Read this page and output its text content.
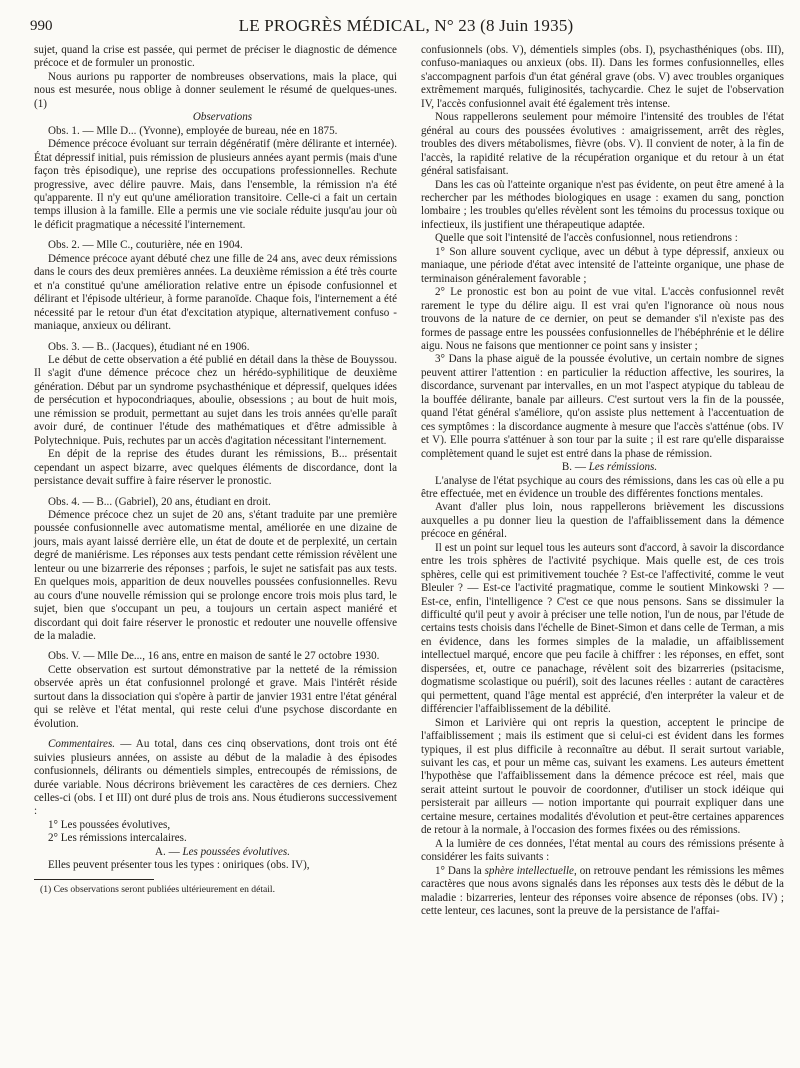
990	LE PROGRÈS MÉDICAL, N° 23 (8 Juin 1935)

sujet, quand la crise est passée, qui permet de préciser le diagnostic de démence précoce et de formuler un pronostic.

Nous aurions pu rapporter de nombreuses observations, mais la place, qui nous est mesurée, nous oblige à donner seulement le résumé de quelques-unes. (1)

Observations

Obs. 1. — Mlle D... (Yvonne), employée de bureau, née en 1875.

Démence précoce évoluant sur terrain dégénératif (mère délirante et internée). État dépressif initial, puis rémission de plusieurs années ayant permis (mais d'une façon très épisodique), une reprise des occupations professionnelles. Rechute progressive, avec délire pauvre. Mais, dans l'ensemble, la rémission n'a été qu'apparente. Il n'y eut qu'une amélioration transitoire. Celle-ci a fait un certain temps illusion à la famille. Elle a permis une vie sociale réduite jusqu'au jour où le déficit pragmatique a nécessité l'internement.

Obs. 2. — Mlle C., couturière, née en 1904.

Démence précoce ayant débuté chez une fille de 24 ans, avec deux rémissions dans le cours des deux premières années. La deuxième rémission a été très courte et n'a constitué qu'une amélioration relative entre un épisode confusionnel et délirant et l'épisode ultérieur, à forme paranoïde. Chaque fois, l'internement a été nécessité par le retour d'un état d'excitation atypique, alternativement confuso - maniaque, anxieux ou délirant.

Obs. 3. — B.. (Jacques), étudiant né en 1906.

Le début de cette observation a été publié en détail dans la thèse de Bouyssou. Il s'agit d'une démence précoce chez un hérédo-syphilitique de deuxième génération. Début par un syndrome psychasthénique et dépressif, quelques idées de persécution et hypocondriaques, aboulie, obsessions ; au bout de huit mois, une rémission se produit, permettant au sujet dans les trois années qu'elle paraît avoir duré, de continuer l'étude des mathématiques et d'être admissible à Polytechnique. Puis, rechutes par un accès d'agitation nécessitant l'internement.

En dépit de la reprise des études durant les rémissions, B... présentait cependant un aspect bizarre, avec quelques éléments de discordance, dont la persistance devait suffire à faire réserver le pronostic.

Obs. 4. — B... (Gabriel), 20 ans, étudiant en droit.

Démence précoce chez un sujet de 20 ans, s'étant traduite par une première poussée confusionnelle avec automatisme mental, améliorée en une dizaine de jours, mais ayant laissé derrière elle, un état de doute et de perplexité, un certain degré de maniérisme. Les réponses aux tests pendant cette rémission révèlent une lenteur ou une bizarrerie des réponses ; parfois, le sujet ne satisfait pas aux tests. En quelques mois, apparition de deux nouvelles poussées confusionnelles. Revu au cours d'une nouvelle rémission qui se prolonge encore trois mois plus tard, le sujet, bien que s'occupant un peu, a toujours un certain aspect maniéré et discordant qui doit faire réserver le pronostic et redouter une nouvelle offensive de la maladie.

Obs. V. — Mlle De..., 16 ans, entre en maison de santé le 27 octobre 1930.

Cette observation est surtout démonstrative par la netteté de la rémission observée après un état confusionnel prolongé et grave. Mais l'intérêt réside surtout dans la dissociation qui s'opère à partir de janvier 1931 entre l'état général qui se relève et l'état mental, qui reste celui d'une psychose discordante en évolution.

Commentaires. — Au total, dans ces cinq observations, dont trois ont été suivies plusieurs années, on assiste au début de la maladie à des épisodes confusionnels, délirants ou démentiels simples, entrecoupés de rémissions, de durée variable. Nous décrirons brièvement les caractères de ces derniers. Chez celles-ci (obs. I et III) ont duré plus de trois ans. Nous étudierons successivement :

1° Les poussées évolutives,

2° Les rémissions intercalaires.

A. — Les poussées évolutives.

Elles peuvent présenter tous les types : oniriques (obs. IV),

(1) Ces observations seront publiées ultérieurement en détail.

confusionnels (obs. V), démentiels simples (obs. I), psychasthéniques (obs. III), confuso-maniaques ou anxieux (obs. II). Dans les formes confusionnelles, elles s'accompagnent parfois d'un état général grave (obs. V) avec troubles organiques extrêmement marqués, fuliginosités, tachycardie. Chez le sujet de l'observation IV, l'accès confusionnel avait été également très intense.

Nous rappellerons seulement pour mémoire l'intensité des troubles de l'état général au cours des poussées évolutives : amaigrissement, arrêt des règles, troubles des divers métabolismes, fièvre (obs. V). Il convient de noter, à la fin de l'accès, la rapidité relative de la récupération organique et du retour à un état général satisfaisant.

Dans les cas où l'atteinte organique n'est pas évidente, on peut être amené à la rechercher par les méthodes biologiques en usage : examen du sang, ponction lombaire ; les troubles qu'elles révèlent sont les témoins du processus toxique ou infectieux, ils justifient une thérapeutique adaptée.

Quelle que soit l'intensité de l'accès confusionnel, nous retiendrons :

1° Son allure souvent cyclique, avec un début à type dépressif, anxieux ou maniaque, une période d'état avec intensité de l'atteinte organique, une phase de terminaison généralement favorable ;

2° Le pronostic est bon au point de vue vital. L'accès confusionnel revêt rarement le type du délire aigu. Il est vrai qu'en l'ignorance où nous nous trouvons de la nature de ce dernier, on peut se demander s'il n'existe pas des formes de passage entre les poussées confusionnelles de l'hébéphrénie et le délire aigu. Nous ne faisons que mentionner ce point sans y insister ;

3° Dans la phase aiguë de la poussée évolutive, un certain nombre de signes peuvent attirer l'attention : en particulier la réduction affective, les sourires, la discordance, survenant par intervalles, en un mot l'aspect atypique du tableau de la bouffée délirante, banale par ailleurs. C'est surtout vers la fin de la poussée, quand l'état général s'améliore, qu'on assiste plus nettement à l'accentuation de ces symptômes : la discordance augmente à mesure que l'accès s'atténue (obs. IV et V). Elle pourra s'atténuer à son tour par la suite ; il est rare qu'elle disparaisse complètement quand le sujet est entré dans la phase de rémission.

B. — Les rémissions.

L'analyse de l'état psychique au cours des rémissions, dans les cas où elle a pu être effectuée, met en évidence un trouble des différentes fonctions mentales.

Avant d'aller plus loin, nous rappellerons brièvement les discussions auxquelles a pu donner lieu la question de l'affaiblissement dans la démence précoce en général.

Il est un point sur lequel tous les auteurs sont d'accord, à savoir la discordance entre les trois sphères de l'activité psychique. Mais quelle est, de ces trois sphères, celle qui est primitivement touchée ? Est-ce l'affectivité, comme le veut Bleuler ? — Est-ce l'activité pragmatique, comme le soutient Minkowski ? — Est-ce, enfin, l'intelligence ? C'est ce que nous pensons. Sans se dissimuler la difficulté qu'il peut y avoir à préciser une telle notion, l'un de nous, par l'étude de certains tests choisis dans l'échelle de Binet-Simon et dans celle de Terman, a mis en évidence, dans les formes simples de la maladie, un affaiblissement intellectuel marqué, encore que peu facile à chiffrer : les réponses, en effet, sont dispersées, et, outre ce panachage, révèlent soit des bizarreries (psitacisme, dogmatisme scolastique ou puéril), soit des lacunes réelles : autant de caractères qui permettent, quand l'âge mental est apprécié, d'en interpréter la valeur et de différencier l'affaiblissement de la débilité.

Simon et Larivière qui ont repris la question, acceptent le principe de l'affaiblissement ; mais ils estiment que si celui-ci est évident dans les formes typiques, il est plus difficile à reconnaître au début. Il serait surtout variable, suivant les cas, et pour un même cas, suivant les examens. Les auteurs émettent l'hypothèse que l'affaiblissement dans la démence précoce est réel, mais que serait atteint surtout le pouvoir de coordonner, d'utiliser un stock idéique qui persisterait par ailleurs — notion importante qui pourrait expliquer dans une certaine mesure, certaines modalités d'évolution et peut-être certaines apparences de retour à la normale, à l'occasion des formes fixées ou des rémissions.

A la lumière de ces données, l'état mental au cours des rémissions présente à considérer les faits suivants :

1° Dans la sphère intellectuelle, on retrouve pendant les rémissions les mêmes caractères que nous avons signalés dans les réponses aux tests dès le début de la maladie : bizarreries, lenteur des réponses voire absence de réponses (obs. IV) ; cette lenteur, ces lacunes, sont la preuve de la persistance de l'affai-
